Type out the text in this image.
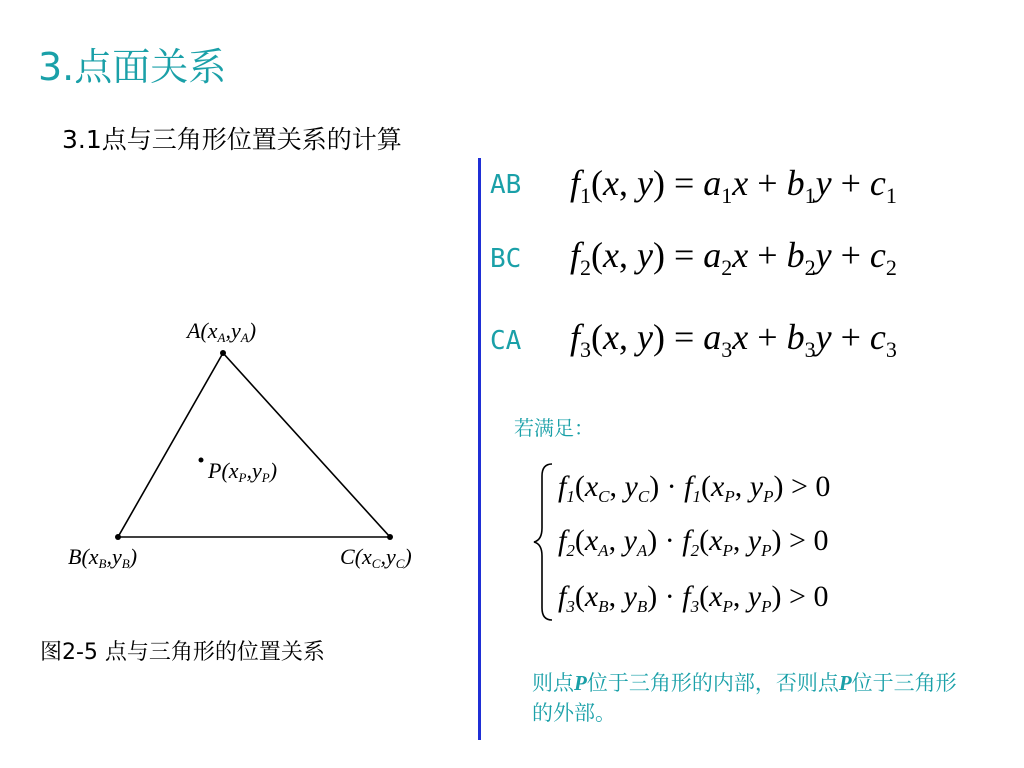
3.点面关系
3.1点与三角形位置关系的计算
AB $f_1(x$, $y) = a_1x + b_1y + c_1$
BC $f_2(x$, $y) = a_2x + b_2y + c_2$
CA $f_3(x$, $y) = a_3x + b_3y + c_3$
若满足：
$f_1(x_C$, $y_C) \cdot f_1(x_P$, $y_P) > 0$
$f_2(x_A$, $y_A) \cdot f_2(x_P$, $y_P) > 0$
$f_3(x_B$, $y_B) \cdot f_3(x_P$, $y_P) > 0$
则点P位于三角形的内部，否则点P位于三角形的外部。
A(xA,yA)
P(xP,yP)
B(xB,yB)	C(xC,yC)
图2-5 点与三角形的位置关系
